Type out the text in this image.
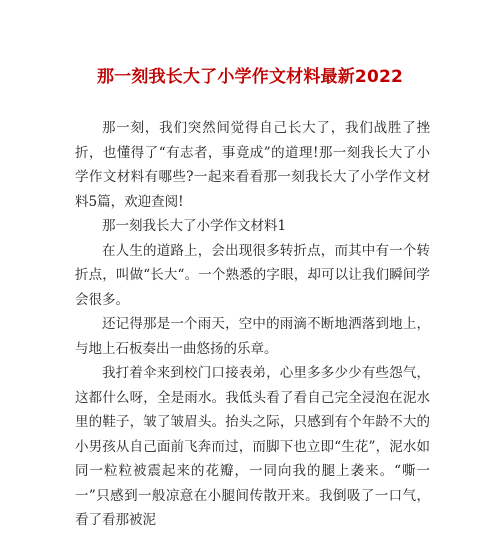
那一刻我长大了小学作文材料最新2022

那一刻，我们突然间觉得自己长大了，我们战胜了挫折，也懂得了“有志者，事竟成”的道理!那一刻我长大了小学作文材料有哪些?一起来看看那一刻我长大了小学作文材料5篇，欢迎查阅!

那一刻我长大了小学作文材料1

在人生的道路上，会出现很多转折点，而其中有一个转折点，叫做“长大“。一个熟悉的字眼，却可以让我们瞬间学会很多。

还记得那是一个雨天，空中的雨滴不断地洒落到地上，与地上石板奏出一曲悠扬的乐章。

我打着伞来到校门口接表弟，心里多多少少有些怨气，这都什么呀，全是雨水。我低头看了看自己完全浸泡在泥水里的鞋子，皱了皱眉头。抬头之际，只感到有个年龄不大的小男孩从自己面前飞奔而过，而脚下也立即“生花”，泥水如同一粒粒被震起来的花瓣，一同向我的腿上袭来。“嘶一一”只感到一般凉意在小腿间传散开来。我倒吸了一口气，看了看那被泥
